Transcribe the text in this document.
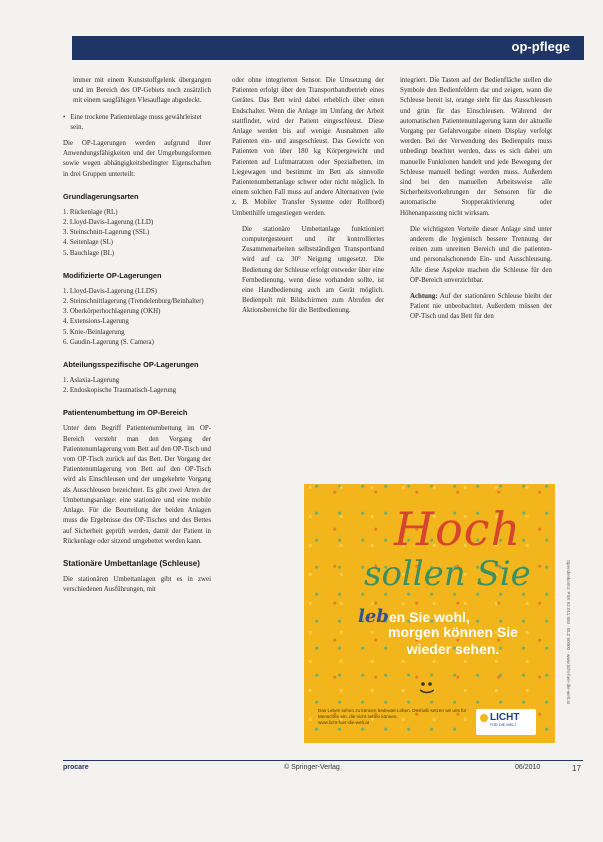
op-pflege

immer mit einem Kunststoffgelenk übergangen und im Bereich des OP-Gebiets noch zusätzlich mit einem saugfähigen Vlesauflage abgedeckt.

• Eine trockene Patientenlage muss gewährleistet sein.

Die OP-Lagerungen werden aufgrund ihrer Anwendungsfähigkeiten und der Umgebungsformen sowie wegen abhängigkeitsbedingter Eigenschaften in drei Gruppen unterteilt:

Grundlagerungsarten
1. Rückenlage (RL)
2. Lloyd-Davis-Lagerung (LLD)
3. Steinschnitt-Lagerung (SSL)
4. Seitenlage (SL)
5. Bauchlage (BL)
Modifizierte OP-Lagerungen
1. Lloyd-Davis-Lagerung (LLDS)
2. Steinschnittlagerung (Trendelenburg/Beinhalter)
3. Oberkörperhochlagerung (OKH)
4. Extensions-Lagerung
5. Knie-/Beinlagerung
6. Gaudin-Lagerung (S. Camera)
Abteilungsspezifische OP-Lagerungen
1. Aslaxia-Lagerung
2. Endoskopische Traumatisch-Lagerung
Patientenumbettung im OP-Bereich

Unter dem Begriff Patientenumbettung im OP-Bereich versteht man den Vorgang der Patientenumlagerung vom Bett auf den OP-Tisch und vom OP-Tisch zurück auf das Bett. Der Vorgang der Patientenumlagerung von Bett auf den OP-Tisch wird als Einschleusen und der umgekehrte Vorgang als Ausschleusen bezeichnet. Es gibt zwei Arten der Umbettungsanlage: eine stationäre und eine mobile Anlage. Für die Beurteilung der beiden Anlagen muss die Ergebnisse des OP-Tisches und des Bettes auf Sicherheit geprüft werden, damit der Patient in Rückenlage oder sitzend umgebettet werden kann.

Stationäre Umbettanlage (Schleuse)

Die stationären Umbettanlagen gibt es in zwei verschiedenen Ausführungen, mit

oder ohne integrierten Sensor. Die Umsetzung der Patienten erfolgt über den Transportbandbetrieb eines Gerätes. Das Bett wird dabei erheblich über einen Endschalter. Wenn die Anlage im Umfang der Arbeit stattfindet, wird der Patient eingeschleust. Diese Anlage werden bis auf wenige Ausnahmen alle Patienten ein- und ausgeschleust. Das Gewicht von Patienten von über 180 kg Körpergewicht und Patienten auf Luftmatratzen oder Spezialbetten, im Liegewagen und bestimmt im Bett als sinnvolle Patientenumbettanlage schwer oder nicht möglich. In einem solchen Fall muss auf andere Alternativen (wie z. B. Mobiler Transfer Systeme oder Rollbord) Umbetthilfe umgestiegen werden.

Die stationäre Umbettanlage funktioniert computergesteuert und ihr kontrolliertes Zusammenarbeiten selbstständigen Transportband wird auf ca. 30° Neigung umgesetzt. Die Bedienung der Schleuse erfolgt entweder über eine Fernbedienung, wenn diese vorhanden sollte, ist eine Handbedienung auch am Gerät möglich. Bedienpult mit Bildschirmen zum Abrufen der Aktionsbereiche für die Bettbedienung.

integriert. Die Tasten auf der Bedienfläche stellen die Symbole den Bedienfeldern dar und zeigen, wann die Schleuse bereit ist, orange steht für das Ausschleusen und grün für das Einschleusen. Während der automatischen Patientenumlagerung kann der aktuelle Vorgang per Gefahrvorgabe einem Display verfolgt werden. Bei der Verwendung des Bedienpults muss unbedingt beachtet werden, dass es sich dabei um manuelle Funktionen handelt und jede Bewegung der Schleuse manuell bedingt werden muss. Außerdem sind bei den manuellen Arbeitsweise alle Sicherheitsvorkehrungen der Sensoren für die automatische Stopperaktivierung oder Höhenanpassung nicht wirksam.

Die wichtigsten Vorteile dieser Anlage sind unter anderem die hygienisch bessere Trennung der reinen zum unreinen Bereich und die patienten- und personalschonende Ein- und Ausschleusung. Alle diese Aspekte machen die Schleuse für den OP-Bereich unverzichtbar.

Achtung: Auf der stationären Schleuse bleibt der Patient nie unbeobachtet. Außerdem müssen der OP-Tisch und das Bett für den

Hoch
sollen Sie
leben Sie wohl,
morgen können Sie
wieder sehen.
Das Leben sehen zu können bedeutet Leben. Deshalb setzen wir uns für Menschen ein, die nicht sehen können.
www.licht-fuer-die-welt.at	LICHT
FÜR DIE WELT
Spendenkonto: PSK 92.011.650 · BLZ 60000 · www.licht-fuer-die-welt.at
procare	© Springer-Verlag	06/2010	17
